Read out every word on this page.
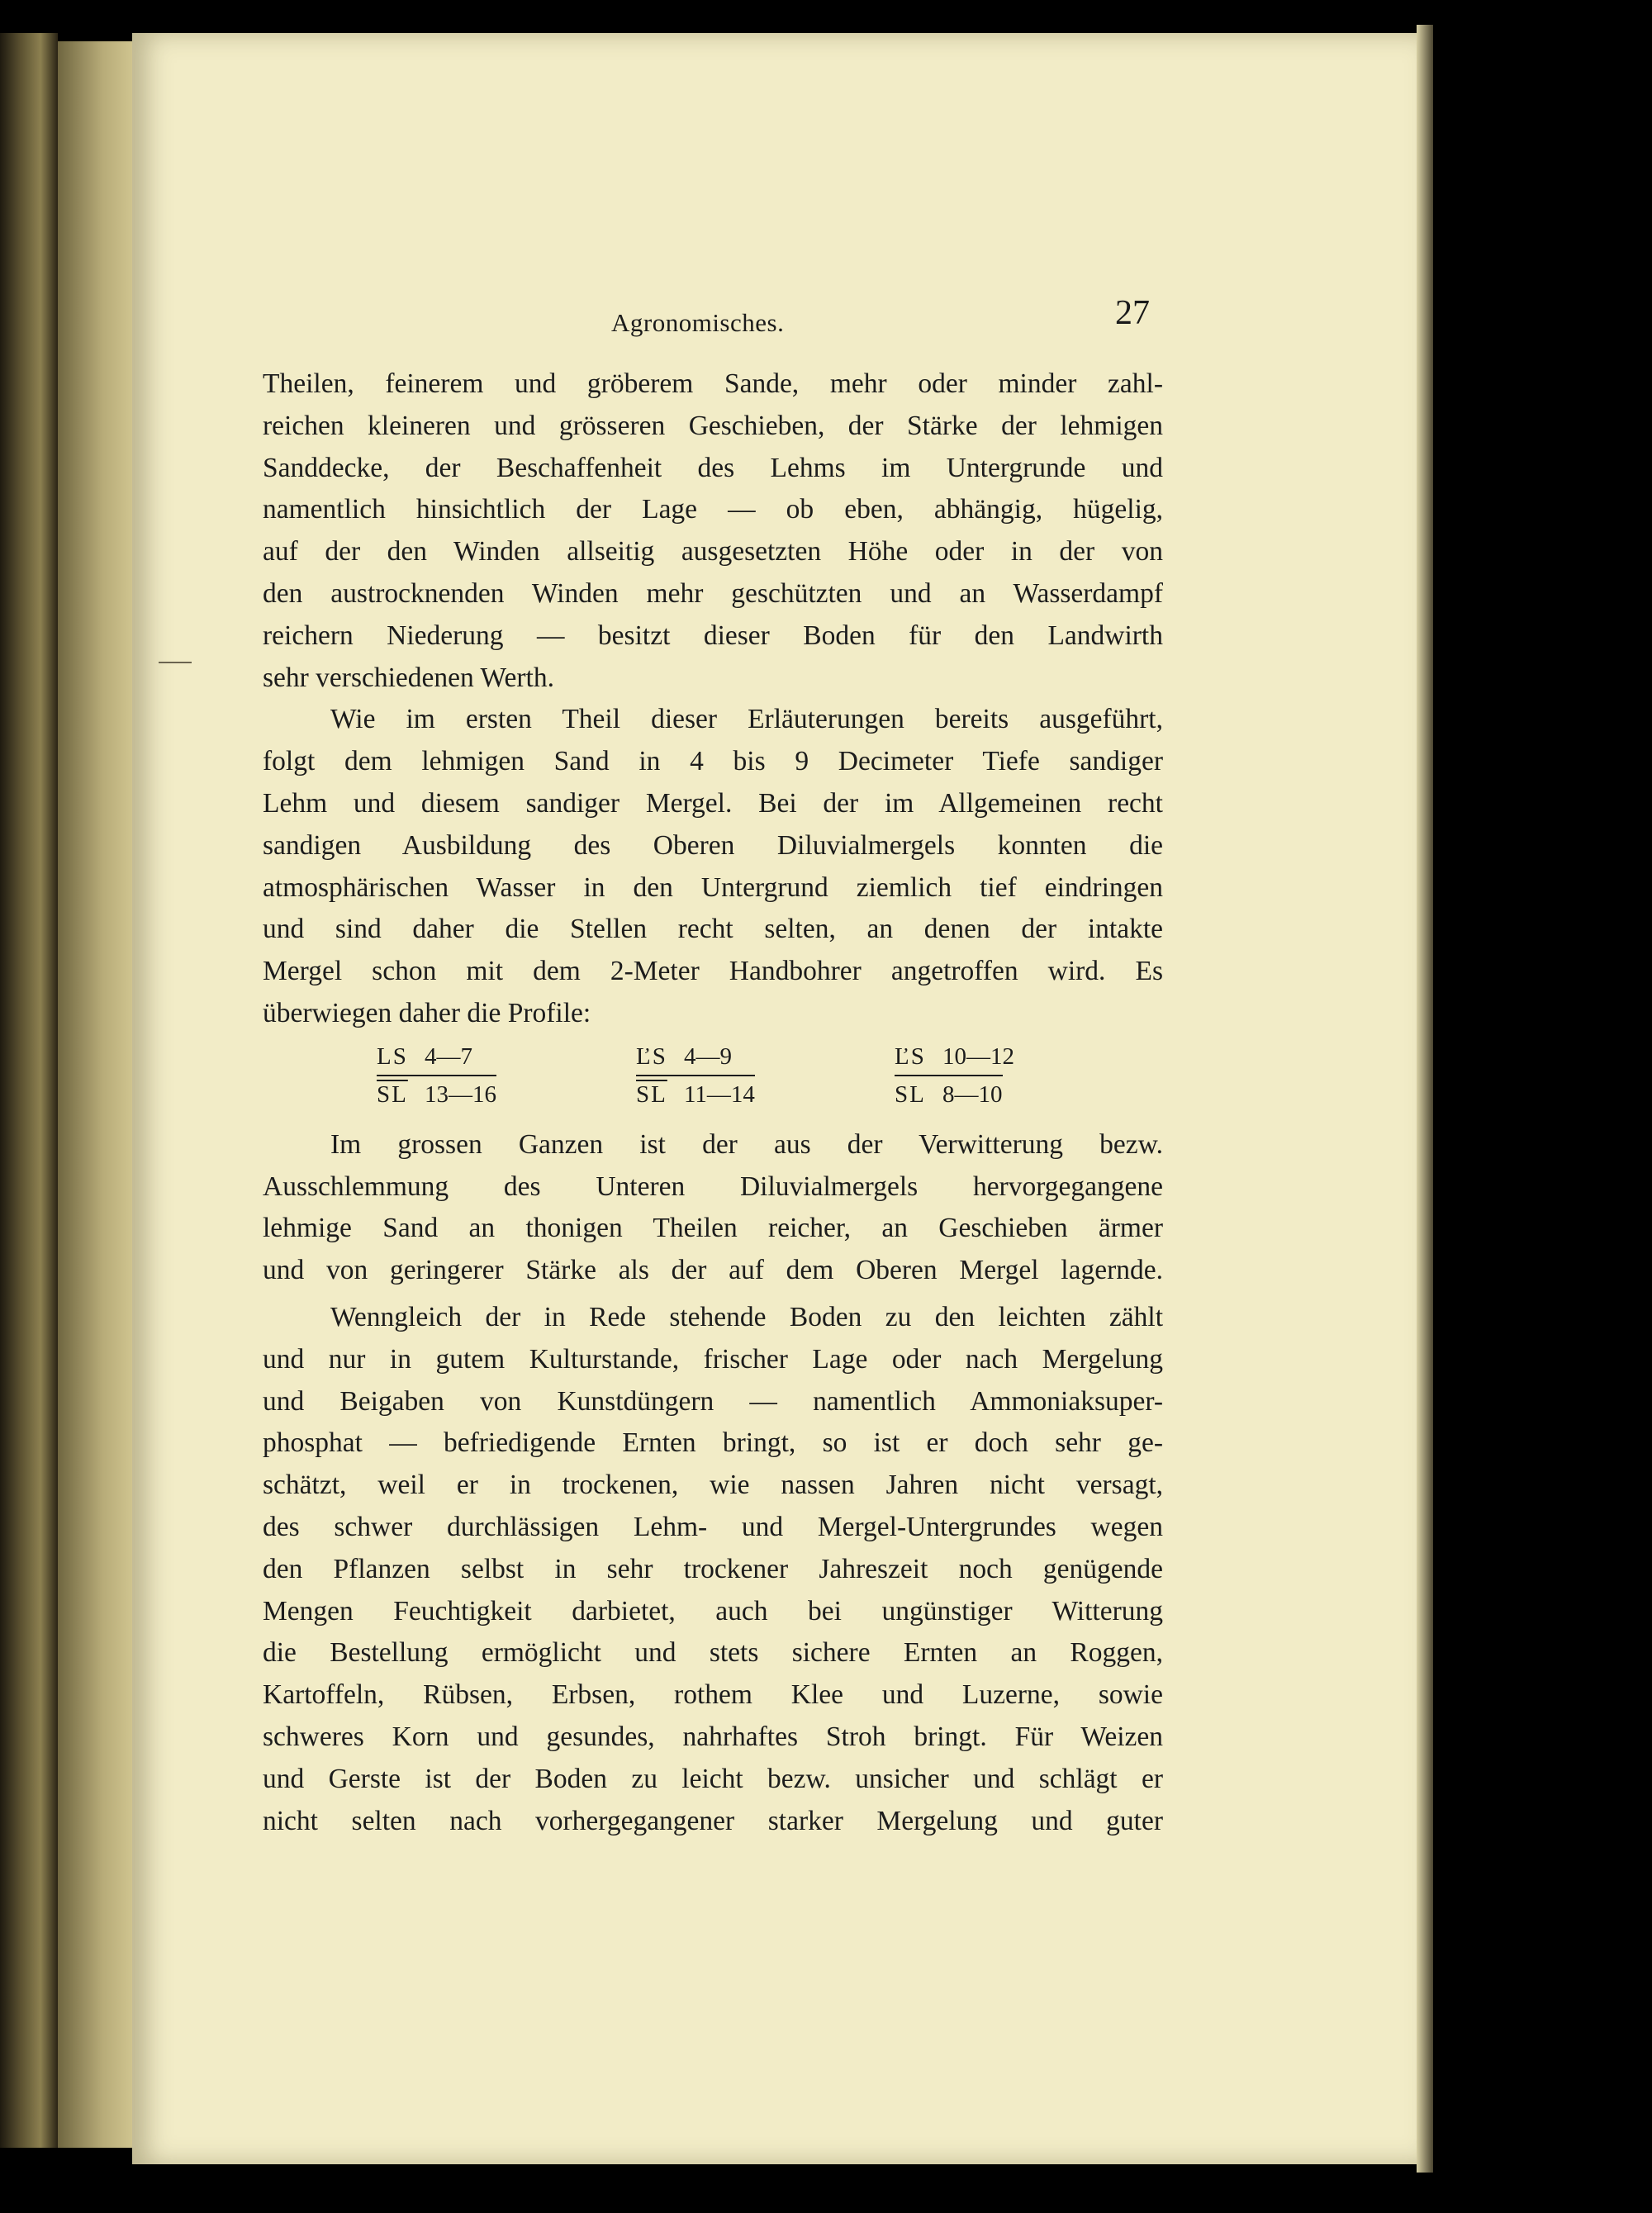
Agronomisches.	27
Theilen, feinerem und gröberem Sande, mehr oder minder zahl-
reichen kleineren und grösseren Geschieben, der Stärke der lehmigen
Sanddecke, der Beschaffenheit des Lehms im Untergrunde und
namentlich hinsichtlich der Lage — ob eben, abhängig, hügelig,
auf der den Winden allseitig ausgesetzten Höhe oder in der von
den austrocknenden Winden mehr geschützten und an Wasserdampf
reichern Niederung — besitzt dieser Boden für den Landwirth
sehr verschiedenen Werth.
Wie im ersten Theil dieser Erläuterungen bereits ausgeführt,
folgt dem lehmigen Sand in 4 bis 9 Decimeter Tiefe sandiger
Lehm und diesem sandiger Mergel. Bei der im Allgemeinen recht
sandigen Ausbildung des Oberen Diluvialmergels konnten die
atmosphärischen Wasser in den Untergrund ziemlich tief eindringen
und sind daher die Stellen recht selten, an denen der intakte
Mergel schon mit dem 2-Meter Handbohrer angetroffen wird. Es
überwiegen daher die Profile:
$\frac{LS 4—7}{\overline{SL} 13—16}$	$\frac{ĽS 4—9}{\overline{SL} 11—14}$	$\frac{ĽS 10—12}{SL 8—10}$
Im grossen Ganzen ist der aus der Verwitterung bezw.
Ausschlemmung des Unteren Diluvialmergels hervorgegangene
lehmige Sand an thonigen Theilen reicher, an Geschieben ärmer
und von geringerer Stärke als der auf dem Oberen Mergel lagernde.
Wenngleich der in Rede stehende Boden zu den leichten zählt
und nur in gutem Kulturstande, frischer Lage oder nach Mergelung
und Beigaben von Kunstdüngern — namentlich Ammoniaksuper-
phosphat — befriedigende Ernten bringt, so ist er doch sehr ge-
schätzt, weil er in trockenen, wie nassen Jahren nicht versagt,
des schwer durchlässigen Lehm- und Mergel-Untergrundes wegen
den Pflanzen selbst in sehr trockener Jahreszeit noch genügende
Mengen Feuchtigkeit darbietet, auch bei ungünstiger Witterung
die Bestellung ermöglicht und stets sichere Ernten an Roggen,
Kartoffeln, Rübsen, Erbsen, rothem Klee und Luzerne, sowie
schweres Korn und gesundes, nahrhaftes Stroh bringt. Für Weizen
und Gerste ist der Boden zu leicht bezw. unsicher und schlägt er
nicht selten nach vorhergegangener starker Mergelung und guter
